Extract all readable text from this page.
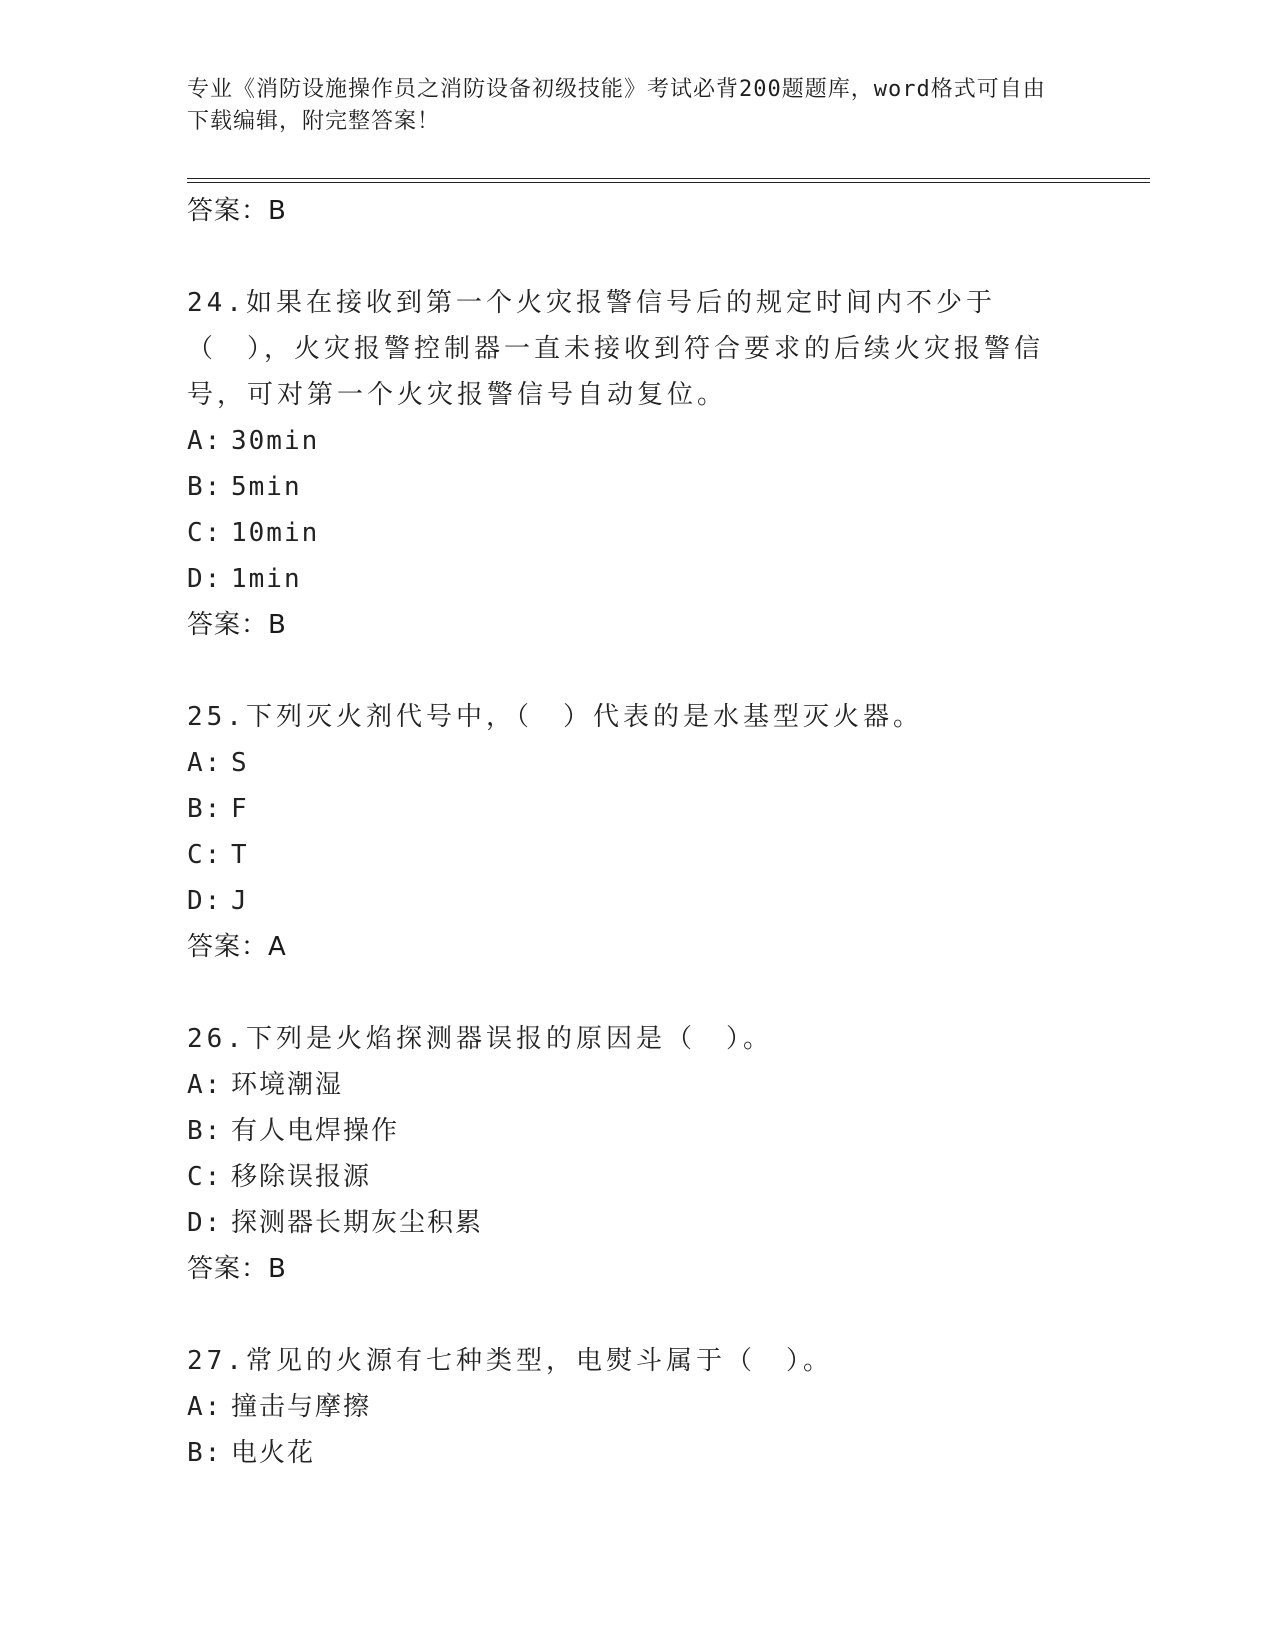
专业《消防设施操作员之消防设备初级技能》考试必背200题题库，word格式可自由下载编辑，附完整答案！
答案：B
24.如果在接收到第一个火灾报警信号后的规定时间内不少于（　），火灾报警控制器一直未接收到符合要求的后续火灾报警信号，可对第一个火灾报警信号自动复位。
A: 30min
B: 5min
C: 10min
D: 1min
答案：B
25.下列灭火剂代号中，（　）代表的是水基型灭火器。
A: S
B: F
C: T
D: J
答案：A
26.下列是火焰探测器误报的原因是（　）。
A: 环境潮湿
B: 有人电焊操作
C: 移除误报源
D: 探测器长期灰尘积累
答案：B
27.常见的火源有七种类型，电熨斗属于（　）。
A: 撞击与摩擦
B: 电火花
